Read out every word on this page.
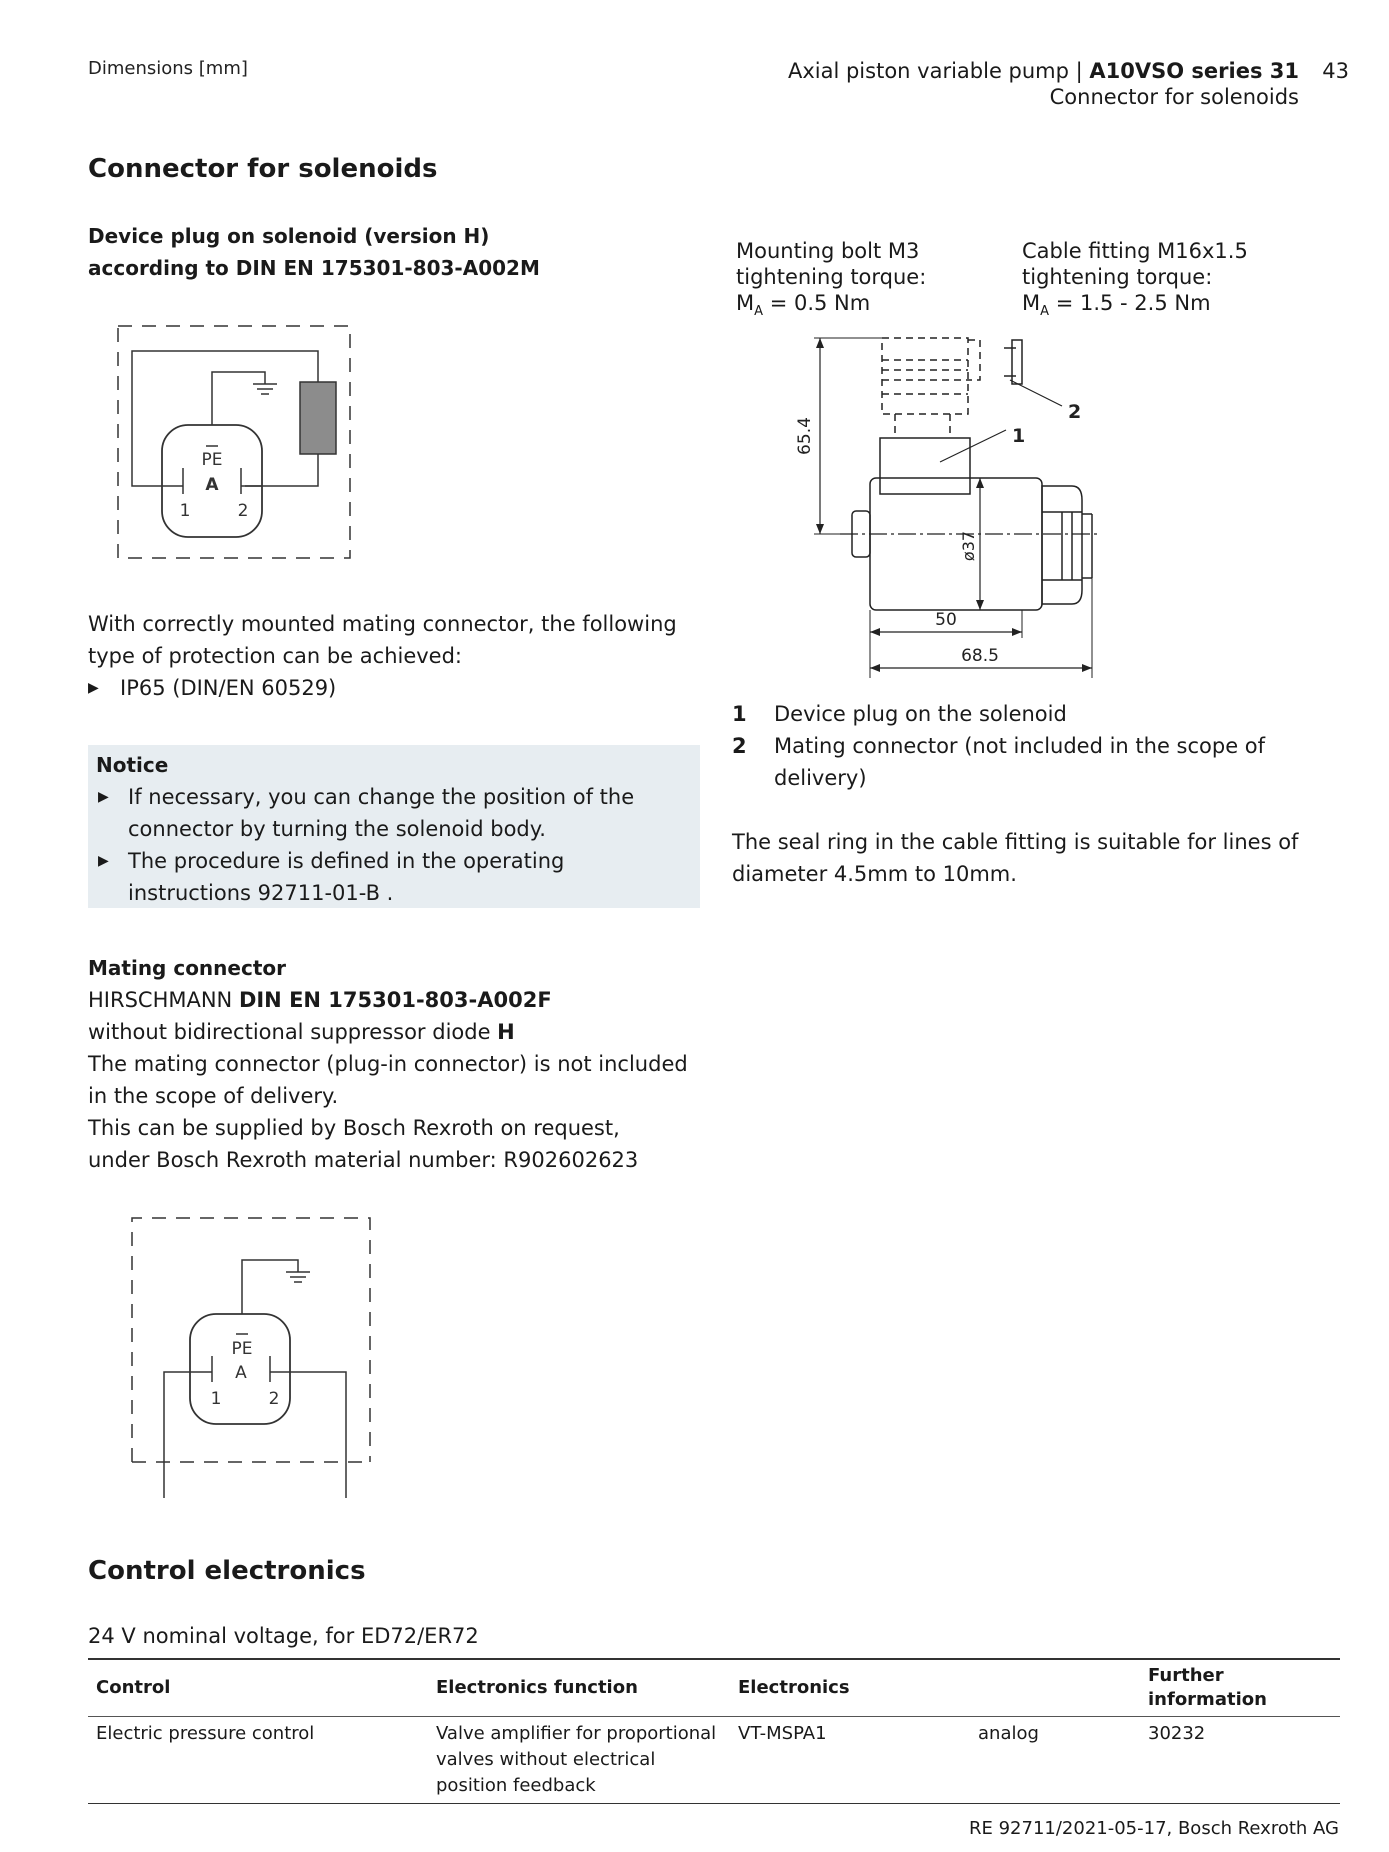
Dimensions [mm]	Axial piston variable pump | A10VSO series 31 43
Connector for solenoids
Connector for solenoids
Device plug on solenoid (version H)
according to DIN EN 175301-803-A002M
PE
A
1	2
With correctly mounted mating connector, the following
type of protection can be achieved:
▶ IP65 (DIN/EN 60529)
Notice
▶ If necessary, you can change the position of the
connector by turning the solenoid body.
▶ The procedure is defined in the operating
instructions 92711-01-B .
Mating connector
HIRSCHMANN DIN EN 175301-803-A002F
without bidirectional suppressor diode H
The mating connector (plug-in connector) is not included
in the scope of delivery.
This can be supplied by Bosch Rexroth on request,
under Bosch Rexroth material number: R902602623
PE
A
1	2
Mounting bolt M3
tightening torque:
$M_A = 0.5$ Nm
Cable fitting M16x1.5
tightening torque:
$M_A = 1.5 - 2.5$ Nm
65.4
ø37
50
68.5
1
2
1	Device plug on the solenoid
2	Mating connector (not included in the scope of
delivery)
The seal ring in the cable fitting is suitable for lines of
diameter 4.5mm to 10mm.
Control electronics
24 V nominal voltage, for ED72/ER72
Control	Electronics function	Electronics		Further information
Electric pressure control	Valve amplifier for proportional
valves without electrical
position feedback	VT-MSPA1	analog	30232
RE 92711/2021-05-17, Bosch Rexroth AG
